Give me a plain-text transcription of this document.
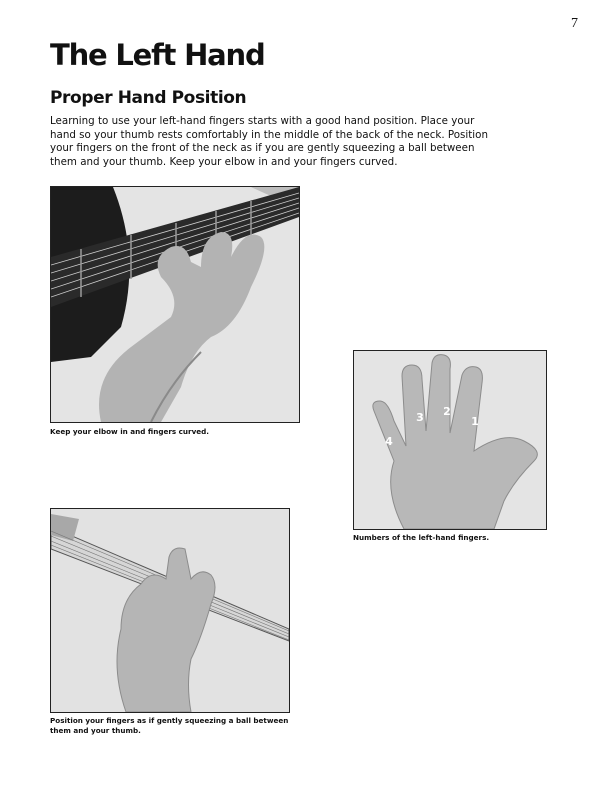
7
The Left Hand
Proper Hand Position

Learning to use your left-hand fingers starts with a good hand position. Place your hand so your thumb rests comfortably in the middle of the back of the neck. Position your fingers on the front of the neck as if you are gently squeezing a ball between them and your thumb. Keep your elbow in and your fingers curved.

Keep your elbow in and fingers curved.

1
2
3
4

Numbers of the left-hand fingers.

Position your fingers as if gently squeezing a ball between them and your thumb.
